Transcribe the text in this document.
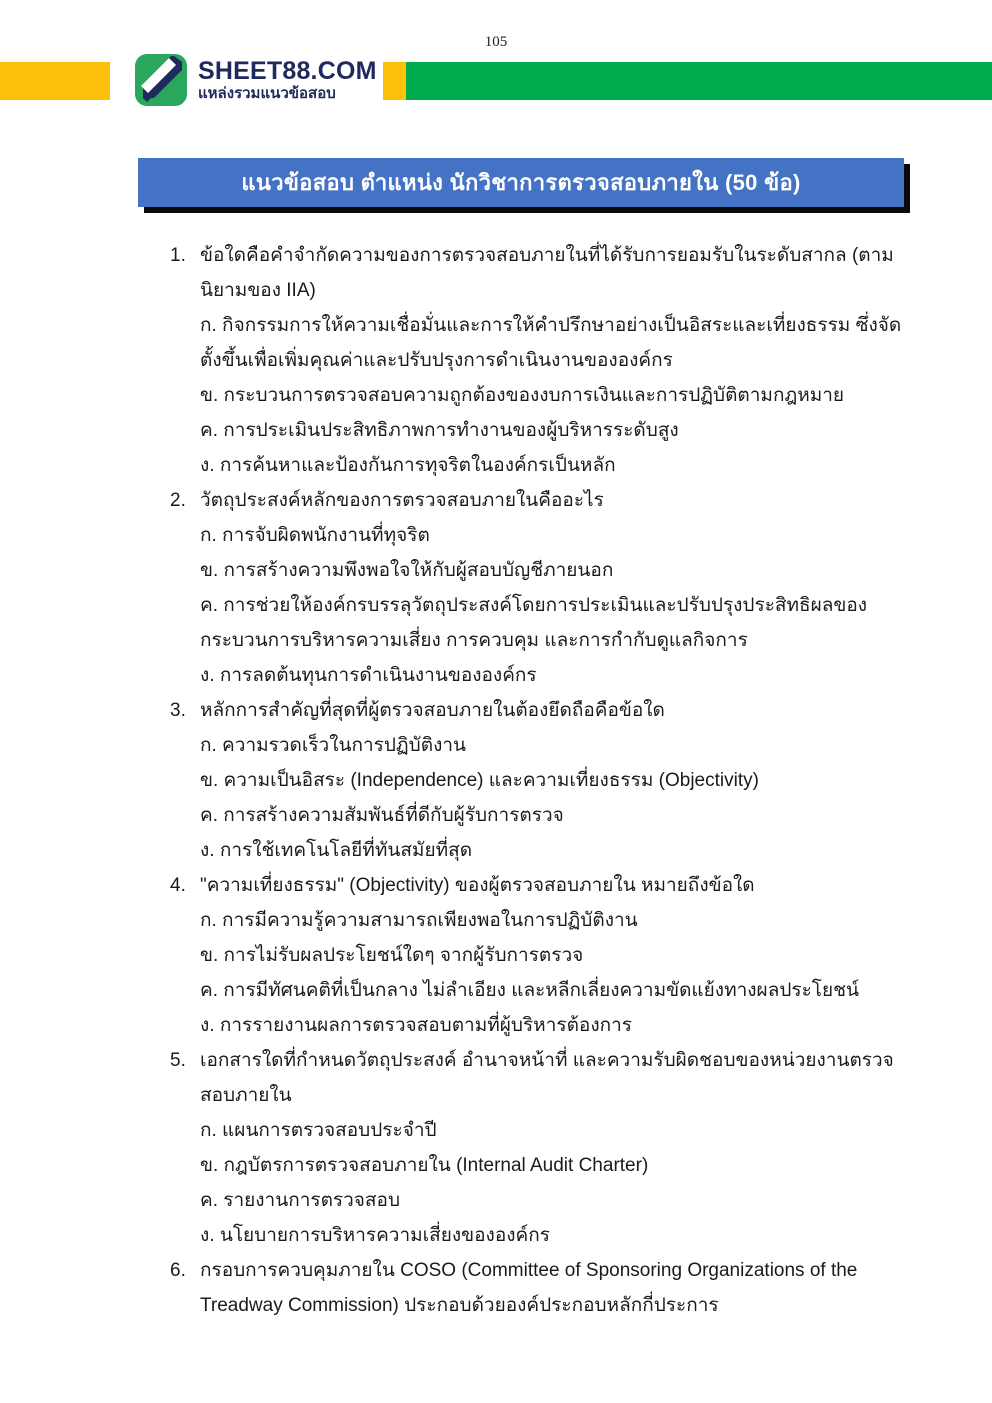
105
SHEET88.COM
แหล่งรวมแนวข้อสอบ
แนวข้อสอบ ตำแหน่ง นักวิชาการตรวจสอบภายใน (50 ข้อ)
1. ข้อใดคือคำจำกัดความของการตรวจสอบภายในที่ได้รับการยอมรับในระดับสากล (ตามนิยามของ IIA)
ก. กิจกรรมการให้ความเชื่อมั่นและการให้คำปรึกษาอย่างเป็นอิสระและเที่ยงธรรม ซึ่งจัดตั้งขึ้นเพื่อเพิ่มคุณค่าและปรับปรุงการดำเนินงานขององค์กร
ข. กระบวนการตรวจสอบความถูกต้องของงบการเงินและการปฏิบัติตามกฎหมาย
ค. การประเมินประสิทธิภาพการทำงานของผู้บริหารระดับสูง
ง. การค้นหาและป้องกันการทุจริตในองค์กรเป็นหลัก
2. วัตถุประสงค์หลักของการตรวจสอบภายในคืออะไร
ก. การจับผิดพนักงานที่ทุจริต
ข. การสร้างความพึงพอใจให้กับผู้สอบบัญชีภายนอก
ค. การช่วยให้องค์กรบรรลุวัตถุประสงค์โดยการประเมินและปรับปรุงประสิทธิผลของกระบวนการบริหารความเสี่ยง การควบคุม และการกำกับดูแลกิจการ
ง. การลดต้นทุนการดำเนินงานขององค์กร
3. หลักการสำคัญที่สุดที่ผู้ตรวจสอบภายในต้องยึดถือคือข้อใด
ก. ความรวดเร็วในการปฏิบัติงาน
ข. ความเป็นอิสระ (Independence) และความเที่ยงธรรม (Objectivity)
ค. การสร้างความสัมพันธ์ที่ดีกับผู้รับการตรวจ
ง. การใช้เทคโนโลยีที่ทันสมัยที่สุด
4. "ความเที่ยงธรรม" (Objectivity) ของผู้ตรวจสอบภายใน หมายถึงข้อใด
ก. การมีความรู้ความสามารถเพียงพอในการปฏิบัติงาน
ข. การไม่รับผลประโยชน์ใดๆ จากผู้รับการตรวจ
ค. การมีทัศนคติที่เป็นกลาง ไม่ลำเอียง และหลีกเลี่ยงความขัดแย้งทางผลประโยชน์
ง. การรายงานผลการตรวจสอบตามที่ผู้บริหารต้องการ
5. เอกสารใดที่กำหนดวัตถุประสงค์ อำนาจหน้าที่ และความรับผิดชอบของหน่วยงานตรวจสอบภายใน
ก. แผนการตรวจสอบประจำปี
ข. กฎบัตรการตรวจสอบภายใน (Internal Audit Charter)
ค. รายงานการตรวจสอบ
ง. นโยบายการบริหารความเสี่ยงขององค์กร
6. กรอบการควบคุมภายใน COSO (Committee of Sponsoring Organizations of the Treadway Commission) ประกอบด้วยองค์ประกอบหลักกี่ประการ
